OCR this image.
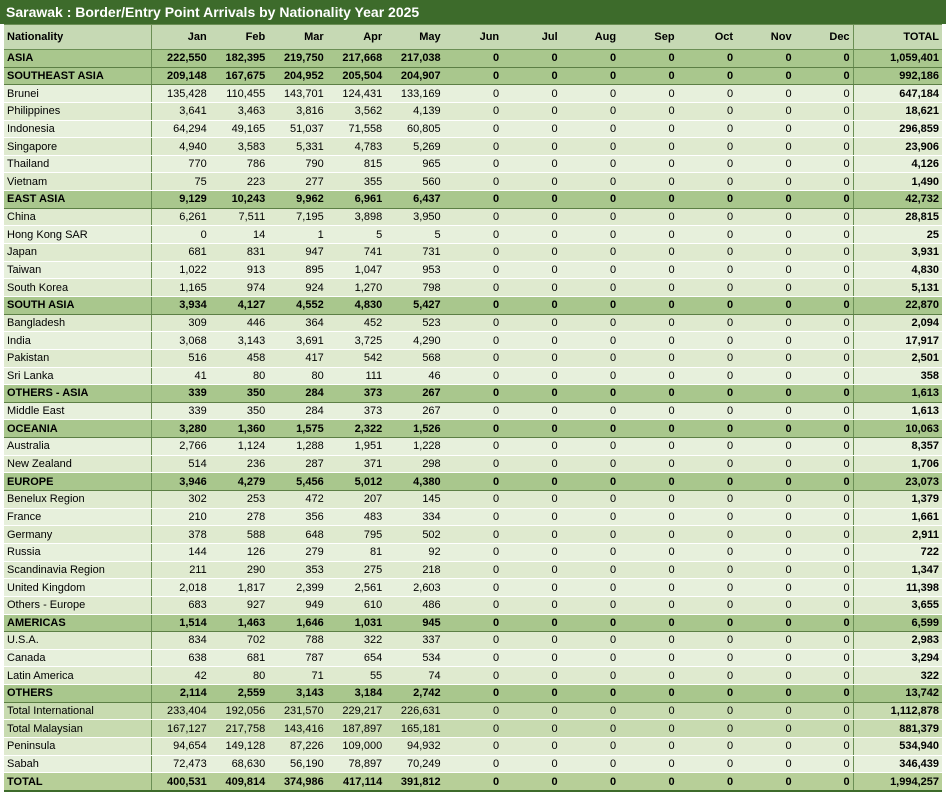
Sarawak : Border/Entry Point Arrivals by Nationality Year 2025
Nationality	Jan	Feb	Mar	Apr	May	Jun	Jul	Aug	Sep	Oct	Nov	Dec	TOTAL
ASIA	222,550	182,395	219,750	217,668	217,038	0	0	0	0	0	0	0	1,059,401
SOUTHEAST ASIA	209,148	167,675	204,952	205,504	204,907	0	0	0	0	0	0	0	992,186
Brunei	135,428	110,455	143,701	124,431	133,169	0	0	0	0	0	0	0	647,184
Philippines	3,641	3,463	3,816	3,562	4,139	0	0	0	0	0	0	0	18,621
Indonesia	64,294	49,165	51,037	71,558	60,805	0	0	0	0	0	0	0	296,859
Singapore	4,940	3,583	5,331	4,783	5,269	0	0	0	0	0	0	0	23,906
Thailand	770	786	790	815	965	0	0	0	0	0	0	0	4,126
Vietnam	75	223	277	355	560	0	0	0	0	0	0	0	1,490
EAST ASIA	9,129	10,243	9,962	6,961	6,437	0	0	0	0	0	0	0	42,732
China	6,261	7,511	7,195	3,898	3,950	0	0	0	0	0	0	0	28,815
Hong Kong SAR	0	14	1	5	5	0	0	0	0	0	0	0	25
Japan	681	831	947	741	731	0	0	0	0	0	0	0	3,931
Taiwan	1,022	913	895	1,047	953	0	0	0	0	0	0	0	4,830
South Korea	1,165	974	924	1,270	798	0	0	0	0	0	0	0	5,131
SOUTH ASIA	3,934	4,127	4,552	4,830	5,427	0	0	0	0	0	0	0	22,870
Bangladesh	309	446	364	452	523	0	0	0	0	0	0	0	2,094
India	3,068	3,143	3,691	3,725	4,290	0	0	0	0	0	0	0	17,917
Pakistan	516	458	417	542	568	0	0	0	0	0	0	0	2,501
Sri Lanka	41	80	80	111	46	0	0	0	0	0	0	0	358
OTHERS - ASIA	339	350	284	373	267	0	0	0	0	0	0	0	1,613
Middle East	339	350	284	373	267	0	0	0	0	0	0	0	1,613
OCEANIA	3,280	1,360	1,575	2,322	1,526	0	0	0	0	0	0	0	10,063
Australia	2,766	1,124	1,288	1,951	1,228	0	0	0	0	0	0	0	8,357
New Zealand	514	236	287	371	298	0	0	0	0	0	0	0	1,706
EUROPE	3,946	4,279	5,456	5,012	4,380	0	0	0	0	0	0	0	23,073
Benelux Region	302	253	472	207	145	0	0	0	0	0	0	0	1,379
France	210	278	356	483	334	0	0	0	0	0	0	0	1,661
Germany	378	588	648	795	502	0	0	0	0	0	0	0	2,911
Russia	144	126	279	81	92	0	0	0	0	0	0	0	722
Scandinavia Region	211	290	353	275	218	0	0	0	0	0	0	0	1,347
United Kingdom	2,018	1,817	2,399	2,561	2,603	0	0	0	0	0	0	0	11,398
Others - Europe	683	927	949	610	486	0	0	0	0	0	0	0	3,655
AMERICAS	1,514	1,463	1,646	1,031	945	0	0	0	0	0	0	0	6,599
U.S.A.	834	702	788	322	337	0	0	0	0	0	0	0	2,983
Canada	638	681	787	654	534	0	0	0	0	0	0	0	3,294
Latin America	42	80	71	55	74	0	0	0	0	0	0	0	322
OTHERS	2,114	2,559	3,143	3,184	2,742	0	0	0	0	0	0	0	13,742
Total International	233,404	192,056	231,570	229,217	226,631	0	0	0	0	0	0	0	1,112,878
Total Malaysian	167,127	217,758	143,416	187,897	165,181	0	0	0	0	0	0	0	881,379
Peninsula	94,654	149,128	87,226	109,000	94,932	0	0	0	0	0	0	0	534,940
Sabah	72,473	68,630	56,190	78,897	70,249	0	0	0	0	0	0	0	346,439
TOTAL	400,531	409,814	374,986	417,114	391,812	0	0	0	0	0	0	0	1,994,257
